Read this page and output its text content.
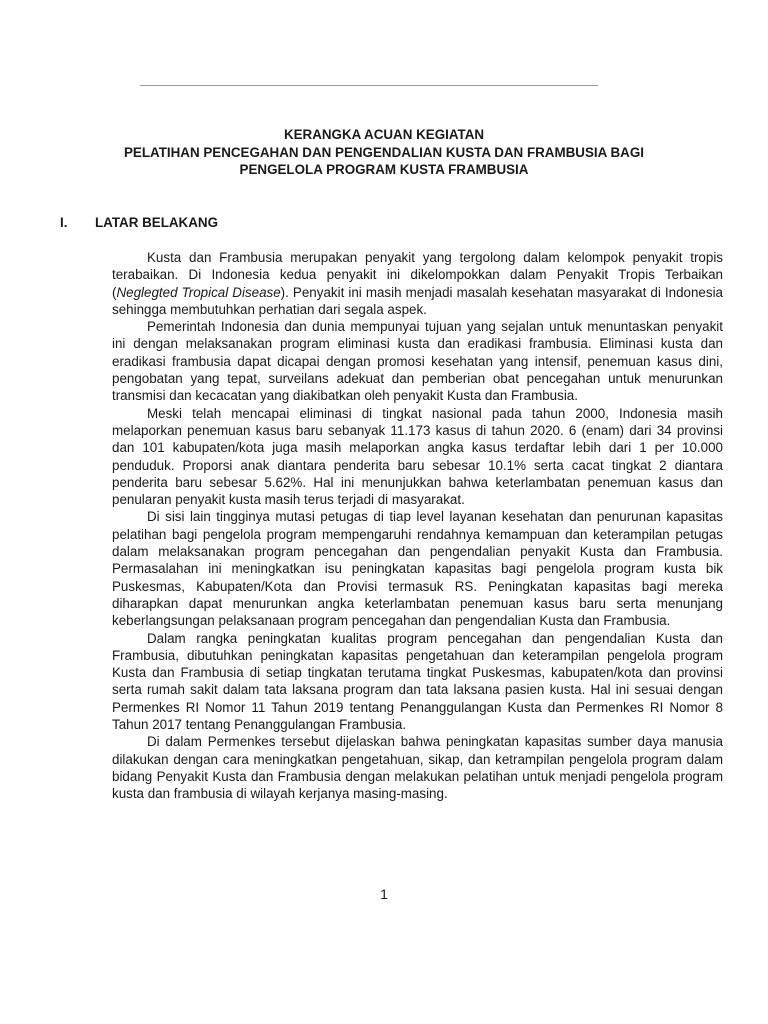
KERANGKA ACUAN KEGIATAN
PELATIHAN PENCEGAHAN DAN PENGENDALIAN KUSTA DAN FRAMBUSIA BAGI
PENGELOLA PROGRAM KUSTA FRAMBUSIA
I. LATAR BELAKANG

Kusta dan Frambusia merupakan penyakit yang tergolong dalam kelompok penyakit tropis terabaikan. Di Indonesia kedua penyakit ini dikelompokkan dalam Penyakit Tropis Terbaikan (Neglegted Tropical Disease). Penyakit ini masih menjadi masalah kesehatan masyarakat di Indonesia sehingga membutuhkan perhatian dari segala aspek.

Pemerintah Indonesia dan dunia mempunyai tujuan yang sejalan untuk menuntaskan penyakit ini dengan melaksanakan program eliminasi kusta dan eradikasi frambusia. Eliminasi kusta dan eradikasi frambusia dapat dicapai dengan promosi kesehatan yang intensif, penemuan kasus dini, pengobatan yang tepat, surveilans adekuat dan pemberian obat pencegahan untuk menurunkan transmisi dan kecacatan yang diakibatkan oleh penyakit Kusta dan Frambusia.

Meski telah mencapai eliminasi di tingkat nasional pada tahun 2000, Indonesia masih melaporkan penemuan kasus baru sebanyak 11.173 kasus di tahun 2020. 6 (enam) dari 34 provinsi dan 101 kabupaten/kota juga masih melaporkan angka kasus terdaftar lebih dari 1 per 10.000 penduduk. Proporsi anak diantara penderita baru sebesar 10.1% serta cacat tingkat 2 diantara penderita baru sebesar 5.62%. Hal ini menunjukkan bahwa keterlambatan penemuan kasus dan penularan penyakit kusta masih terus terjadi di masyarakat.

Di sisi lain tingginya mutasi petugas di tiap level layanan kesehatan dan penurunan kapasitas pelatihan bagi pengelola program mempengaruhi rendahnya kemampuan dan keterampilan petugas dalam melaksanakan program pencegahan dan pengendalian penyakit Kusta dan Frambusia. Permasalahan ini meningkatkan isu peningkatan kapasitas bagi pengelola program kusta bik Puskesmas, Kabupaten/Kota dan Provisi termasuk RS. Peningkatan kapasitas bagi mereka diharapkan dapat menurunkan angka keterlambatan penemuan kasus baru serta menunjang keberlangsungan pelaksanaan program pencegahan dan pengendalian Kusta dan Frambusia.

Dalam rangka peningkatan kualitas program pencegahan dan pengendalian Kusta dan Frambusia, dibutuhkan peningkatan kapasitas pengetahuan dan keterampilan pengelola program Kusta dan Frambusia di setiap tingkatan terutama tingkat Puskesmas, kabupaten/kota dan provinsi serta rumah sakit dalam tata laksana program dan tata laksana pasien kusta. Hal ini sesuai dengan Permenkes RI Nomor 11 Tahun 2019 tentang Penanggulangan Kusta dan Permenkes RI Nomor 8 Tahun 2017 tentang Penanggulangan Frambusia.

Di dalam Permenkes tersebut dijelaskan bahwa peningkatan kapasitas sumber daya manusia dilakukan dengan cara meningkatkan pengetahuan, sikap, dan ketrampilan pengelola program dalam bidang Penyakit Kusta dan Frambusia dengan melakukan pelatihan untuk menjadi pengelola program kusta dan frambusia di wilayah kerjanya masing-masing.

1
